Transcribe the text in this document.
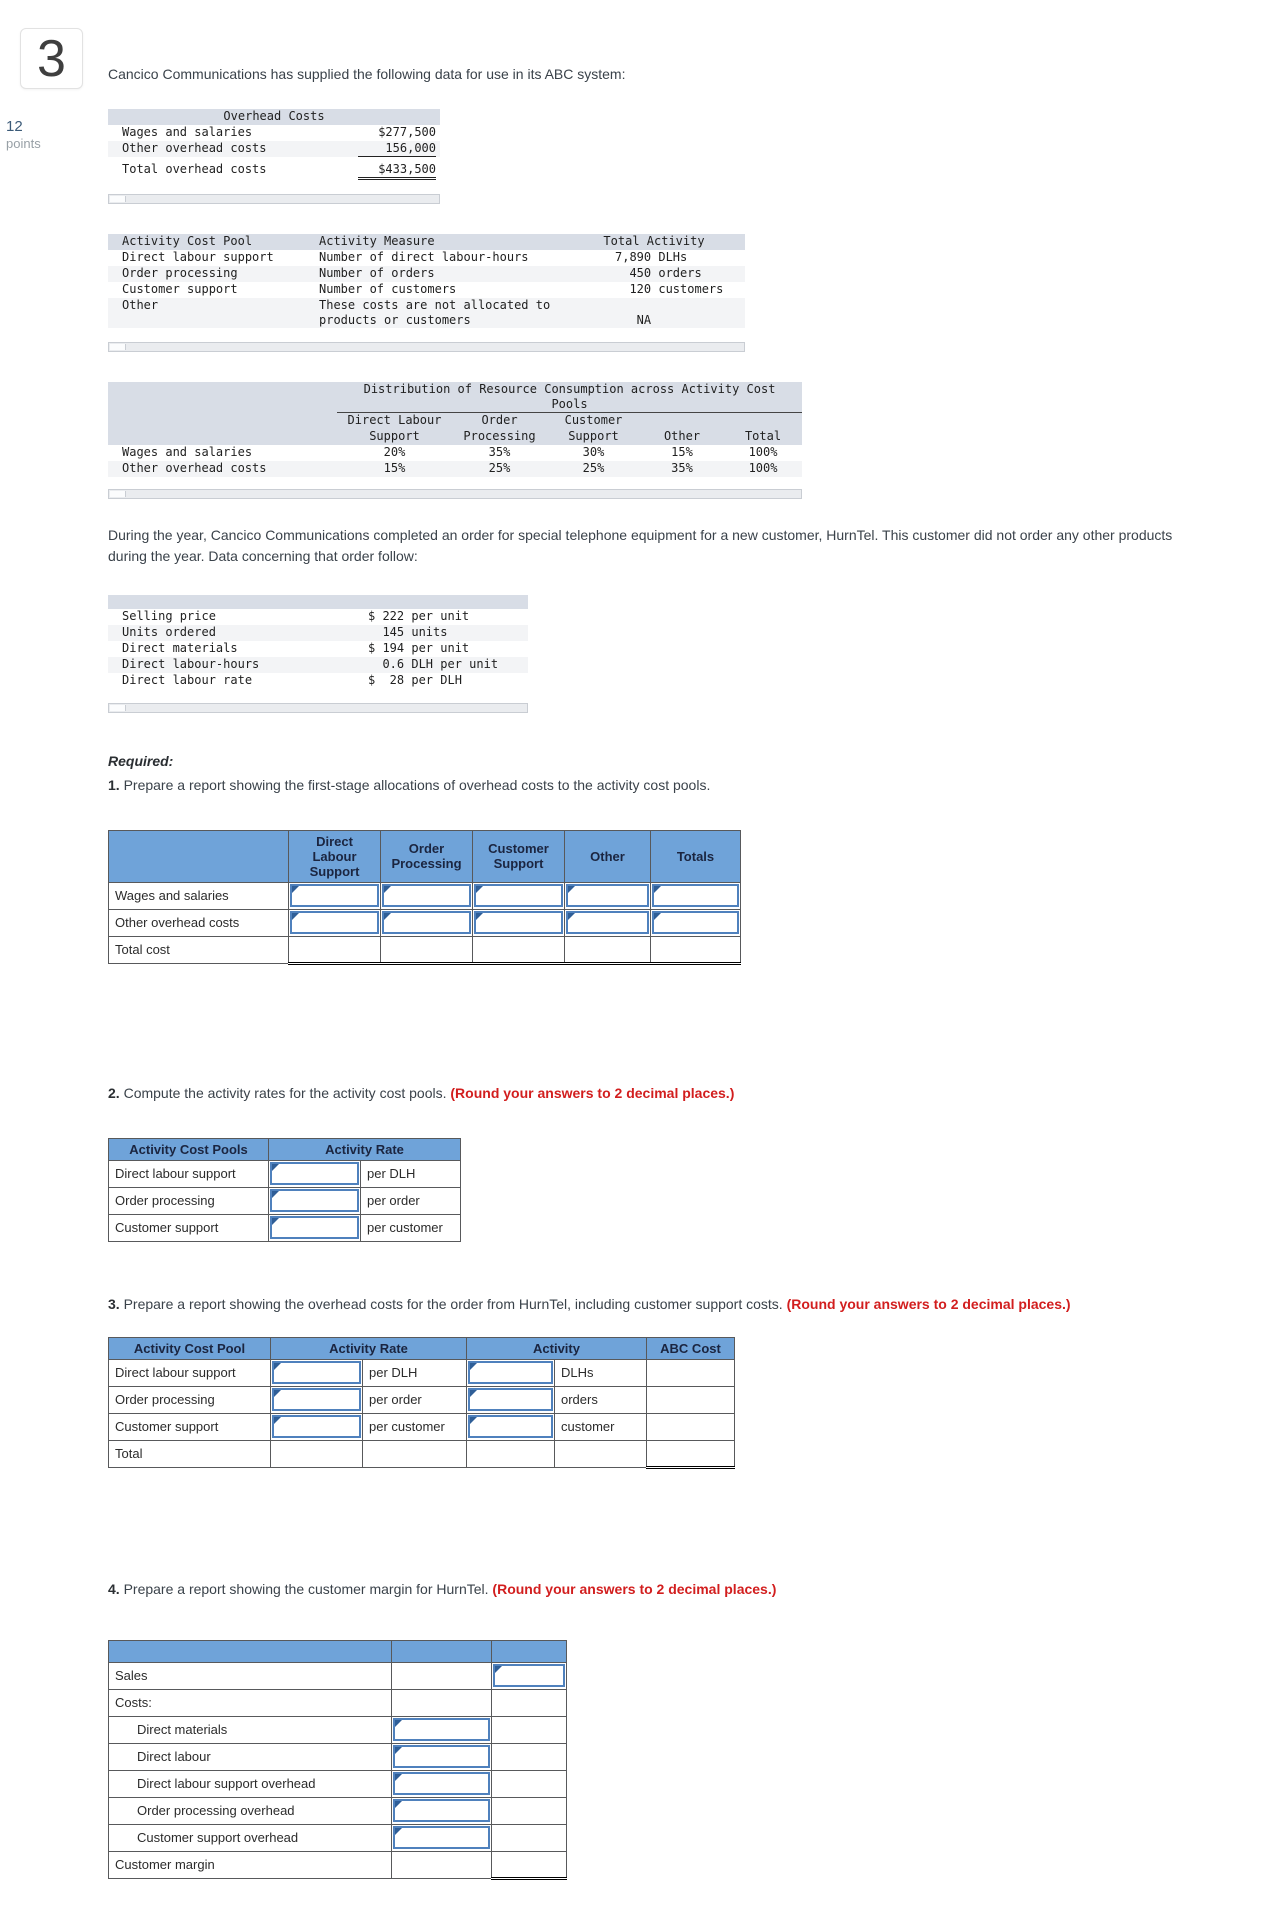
3
12
points

Cancico Communications has supplied the following data for use in its ABC system:

Overhead Costs	
Wages and salaries	$277,500
Other overhead costs	156,000
Total overhead costs	$433,500
Activity Cost Pool	Activity Measure	Total Activity
Direct labour support	Number of direct labour-hours	7,890 DLHs
Order processing	Number of orders	450 orders
Customer support	Number of customers	120 customers
Other	These costs are not allocated to products or customers	NA
	Distribution of Resource Consumption across Activity Cost Pools				
	Direct Labour	Order	Customer		
	Support	Processing	Support	Other	Total
Wages and salaries	20%	35%	30%	15%	100%
Other overhead costs	15%	25%	25%	35%	100%

During the year, Cancico Communications completed an order for special telephone equipment for a new customer, HurnTel. This customer did not order any other products during the year. Data concerning that order follow:

Selling price	$ 222 per unit
Units ordered	145 units
Direct materials	$ 194 per unit
Direct labour-hours	0.6 DLH per unit
Direct labour rate	$  28 per DLH

Required:

1. Prepare a report showing the first-stage allocations of overhead costs to the activity cost pools.

	Direct Labour Support	Order Processing	Customer Support	Other	Totals
Wages and salaries	

Other overhead costs	

Total cost					

2. Compute the activity rates for the activity cost pools. (Round your answers to 2 decimal places.)

Activity Cost Pools	Activity Rate	
Direct labour support		per DLH
Order processing		per order
Customer support		per customer

3. Prepare a report showing the overhead costs for the order from HurnTel, including customer support costs. (Round your answers to 2 decimal places.)

Activity Cost Pool	Activity Rate		Activity		ABC Cost
Direct labour support		per DLH		DLHs	
Order processing		per order		orders	
Customer support		per customer		customer	
Total					

4. Prepare a report showing the customer margin for HurnTel. (Round your answers to 2 decimal places.)

Sales		

Costs:		
Direct materials	

Direct labour	

Direct labour support overhead	

Order processing overhead	

Customer support overhead	

Customer margin		
